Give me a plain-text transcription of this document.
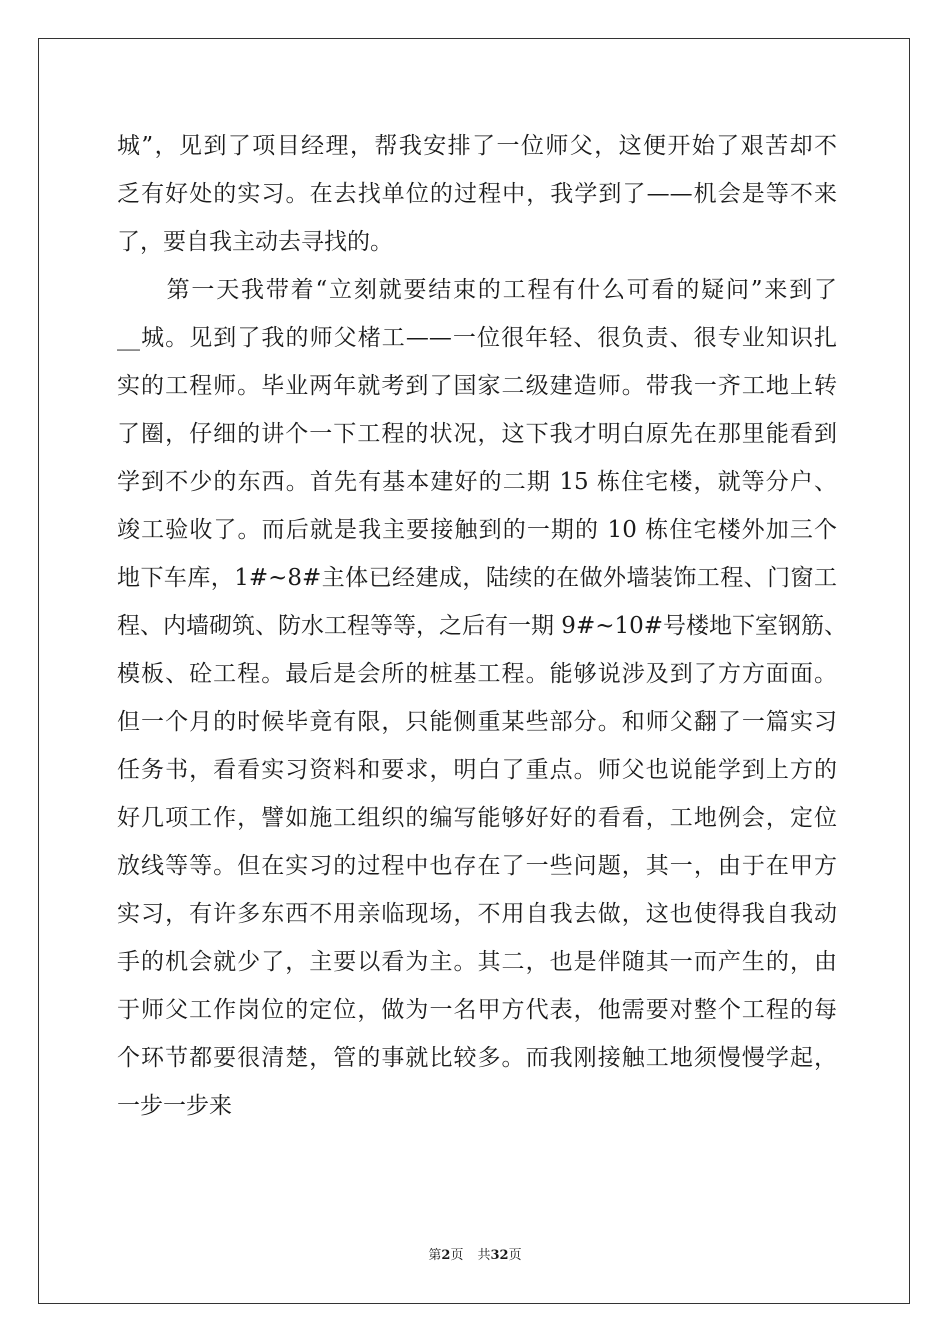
城”，见到了项目经理，帮我安排了一位师父，这便开始了艰苦却不
乏有好处的实习。在去找单位的过程中，我学到了——机会是等不来
了，要自我主动去寻找的。
　　第一天我带着“立刻就要结束的工程有什么可看的疑问”来到了
__城。见到了我的师父楮工——一位很年轻、很负责、很专业知识扎
实的工程师。毕业两年就考到了国家二级建造师。带我一齐工地上转
了圈，仔细的讲个一下工程的状况，这下我才明白原先在那里能看到
学到不少的东西。首先有基本建好的二期 15 栋住宅楼，就等分户、
竣工验收了。而后就是我主要接触到的一期的 10 栋住宅楼外加三个
地下车库，1#~8#主体已经建成，陆续的在做外墙装饰工程、门窗工
程、内墙砌筑、防水工程等等，之后有一期 9#~10#号楼地下室钢筋、
模板、砼工程。最后是会所的桩基工程。能够说涉及到了方方面面。
但一个月的时候毕竟有限，只能侧重某些部分。和师父翻了一篇实习
任务书，看看实习资料和要求，明白了重点。师父也说能学到上方的
好几项工作，譬如施工组织的编写能够好好的看看，工地例会，定位
放线等等。但在实习的过程中也存在了一些问题，其一，由于在甲方
实习，有许多东西不用亲临现场，不用自我去做，这也使得我自我动
手的机会就少了，主要以看为主。其二，也是伴随其一而产生的，由
于师父工作岗位的定位，做为一名甲方代表，他需要对整个工程的每
个环节都要很清楚，管的事就比较多。而我刚接触工地须慢慢学起，
一步一步来
第2页 共32页
